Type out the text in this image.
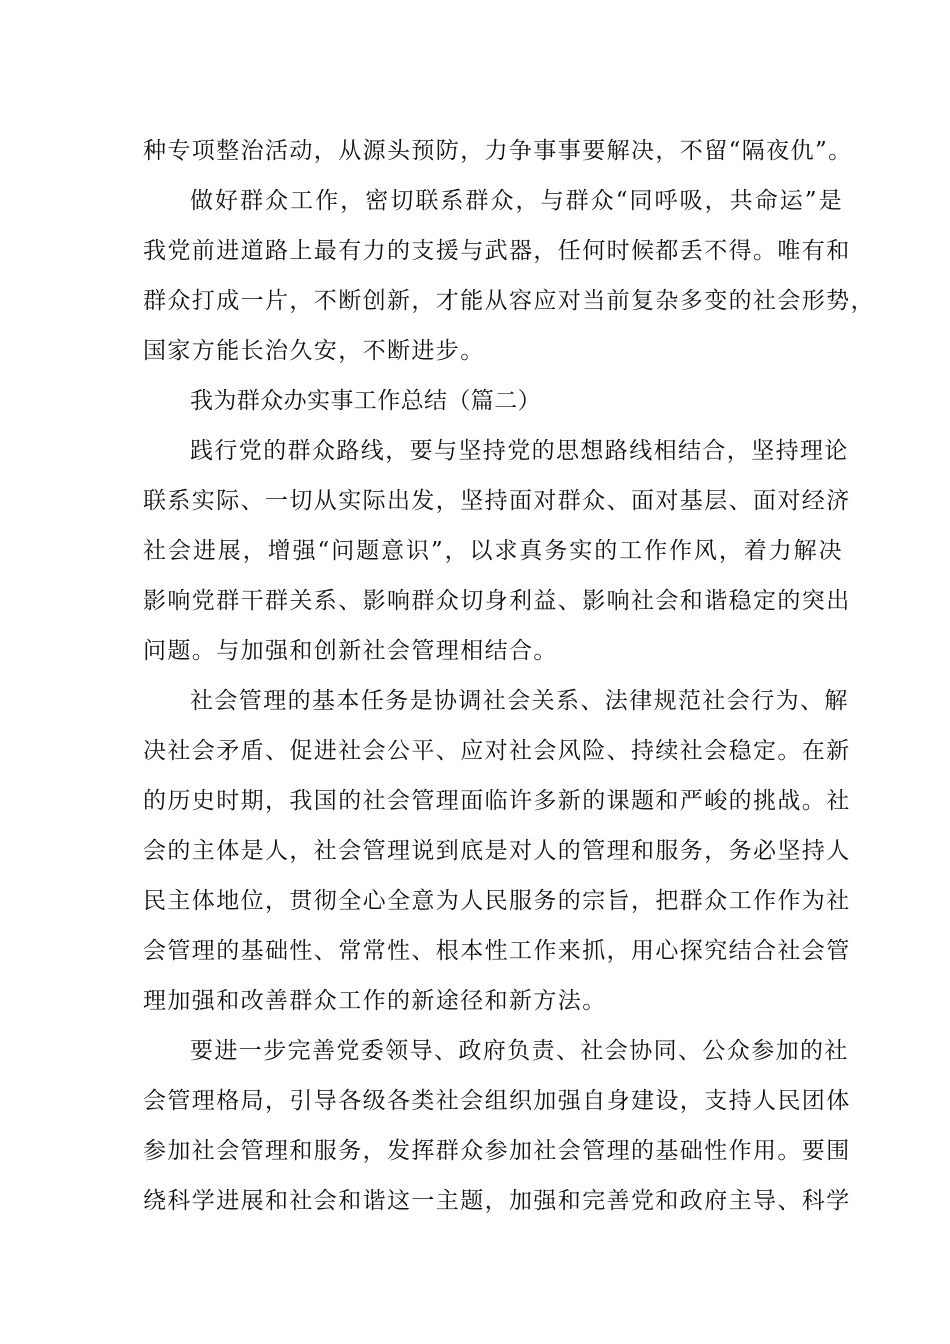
种专项整治活动，从源头预防，力争事事要解决，不留“隔夜仇”。
做好群众工作，密切联系群众，与群众“同呼吸，共命运”是
我党前进道路上最有力的支援与武器，任何时候都丢不得。唯有和
群众打成一片，不断创新，才能从容应对当前复杂多变的社会形势，
国家方能长治久安，不断进步。
我为群众办实事工作总结（篇二）
践行党的群众路线，要与坚持党的思想路线相结合，坚持理论
联系实际、一切从实际出发，坚持面对群众、面对基层、面对经济
社会进展，增强“问题意识”，以求真务实的工作作风，着力解决
影响党群干群关系、影响群众切身利益、影响社会和谐稳定的突出
问题。与加强和创新社会管理相结合。
社会管理的基本任务是协调社会关系、法律规范社会行为、解
决社会矛盾、促进社会公平、应对社会风险、持续社会稳定。在新
的历史时期，我国的社会管理面临许多新的课题和严峻的挑战。社
会的主体是人，社会管理说到底是对人的管理和服务，务必坚持人
民主体地位，贯彻全心全意为人民服务的宗旨，把群众工作作为社
会管理的基础性、常常性、根本性工作来抓，用心探究结合社会管
理加强和改善群众工作的新途径和新方法。
要进一步完善党委领导、政府负责、社会协同、公众参加的社
会管理格局，引导各级各类社会组织加强自身建设，支持人民团体
参加社会管理和服务，发挥群众参加社会管理的基础性作用。要围
绕科学进展和社会和谐这一主题，加强和完善党和政府主导、科学
